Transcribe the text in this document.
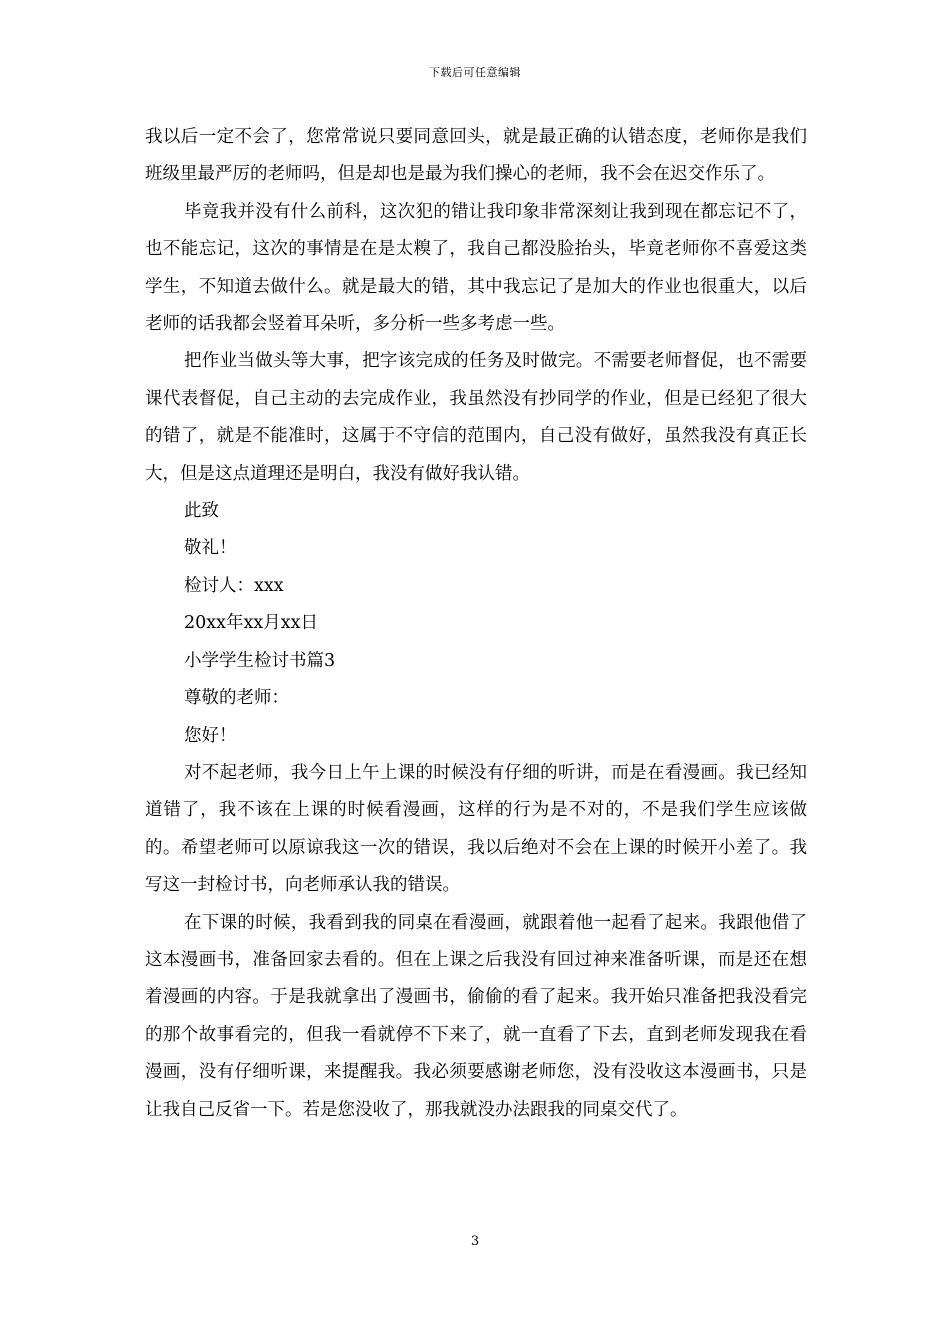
下载后可任意编辑

我以后一定不会了，您常常说只要同意回头，就是最正确的认错态度，老师你是我们班级里最严厉的老师吗，但是却也是最为我们操心的老师，我不会在迟交作乐了。

毕竟我并没有什么前科，这次犯的错让我印象非常深刻让我到现在都忘记不了，也不能忘记，这次的事情是在是太糗了，我自己都没脸抬头，毕竟老师你不喜爱这类学生，不知道去做什么。就是最大的错，其中我忘记了是加大的作业也很重大，以后老师的话我都会竖着耳朵听，多分析一些多考虑一些。

把作业当做头等大事，把字该完成的任务及时做完。不需要老师督促，也不需要课代表督促，自己主动的去完成作业，我虽然没有抄同学的作业，但是已经犯了很大的错了，就是不能准时，这属于不守信的范围内，自己没有做好，虽然我没有真正长大，但是这点道理还是明白，我没有做好我认错。

此致

敬礼！

检讨人：xxx

20xx年xx月xx日

小学学生检讨书篇3

尊敬的老师：

您好！

对不起老师，我今日上午上课的时候没有仔细的听讲，而是在看漫画。我已经知道错了，我不该在上课的时候看漫画，这样的行为是不对的，不是我们学生应该做的。希望老师可以原谅我这一次的错误，我以后绝对不会在上课的时候开小差了。我写这一封检讨书，向老师承认我的错误。

在下课的时候，我看到我的同桌在看漫画，就跟着他一起看了起来。我跟他借了这本漫画书，准备回家去看的。但在上课之后我没有回过神来准备听课，而是还在想着漫画的内容。于是我就拿出了漫画书，偷偷的看了起来。我开始只准备把我没看完的那个故事看完的，但我一看就停不下来了，就一直看了下去，直到老师发现我在看漫画，没有仔细听课，来提醒我。我必须要感谢老师您，没有没收这本漫画书，只是让我自己反省一下。若是您没收了，那我就没办法跟我的同桌交代了。

3
